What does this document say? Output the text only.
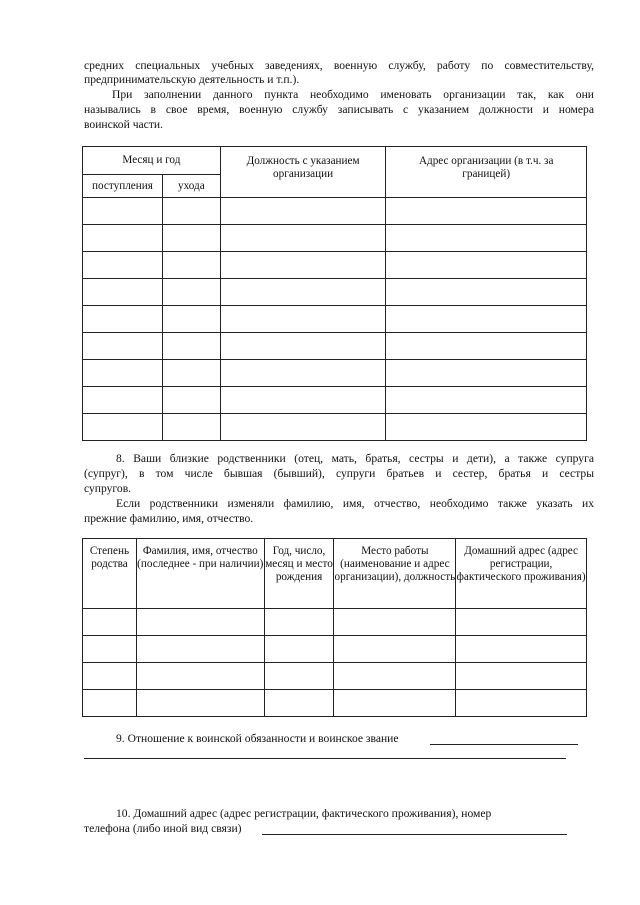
средних специальных учебных заведениях, военную службу, работу по совместительству,
предпринимательскую деятельность и т.п.).
При заполнении данного пункта необходимо именовать организации так, как они
назывались в свое время, военную службу записывать с указанием должности и номера
воинской части.
Месяц и год		Должность с указанием организации	Адрес организации (в т.ч. за границей)
поступления	ухода		

8. Ваши близкие родственники (отец, мать, братья, сестры и дети), а также супруга
(супруг), в том числе бывшая (бывший), супруги братьев и сестер, братья и сестры
супругов.
Если родственники изменяли фамилию, имя, отчество, необходимо также указать их
прежние фамилию, имя, отчество.
Степень родства	Фамилия, имя, отчество (последнее - при наличии)	Год, число, месяц и место рождения	Место работы (наименование и адрес организации), должность	Домашний адрес (адрес регистрации, фактического проживания)

9. Отношение к воинской обязанности и воинское звание
10. Домашний адрес (адрес регистрации, фактического проживания), номер
телефона (либо иной вид связи)
